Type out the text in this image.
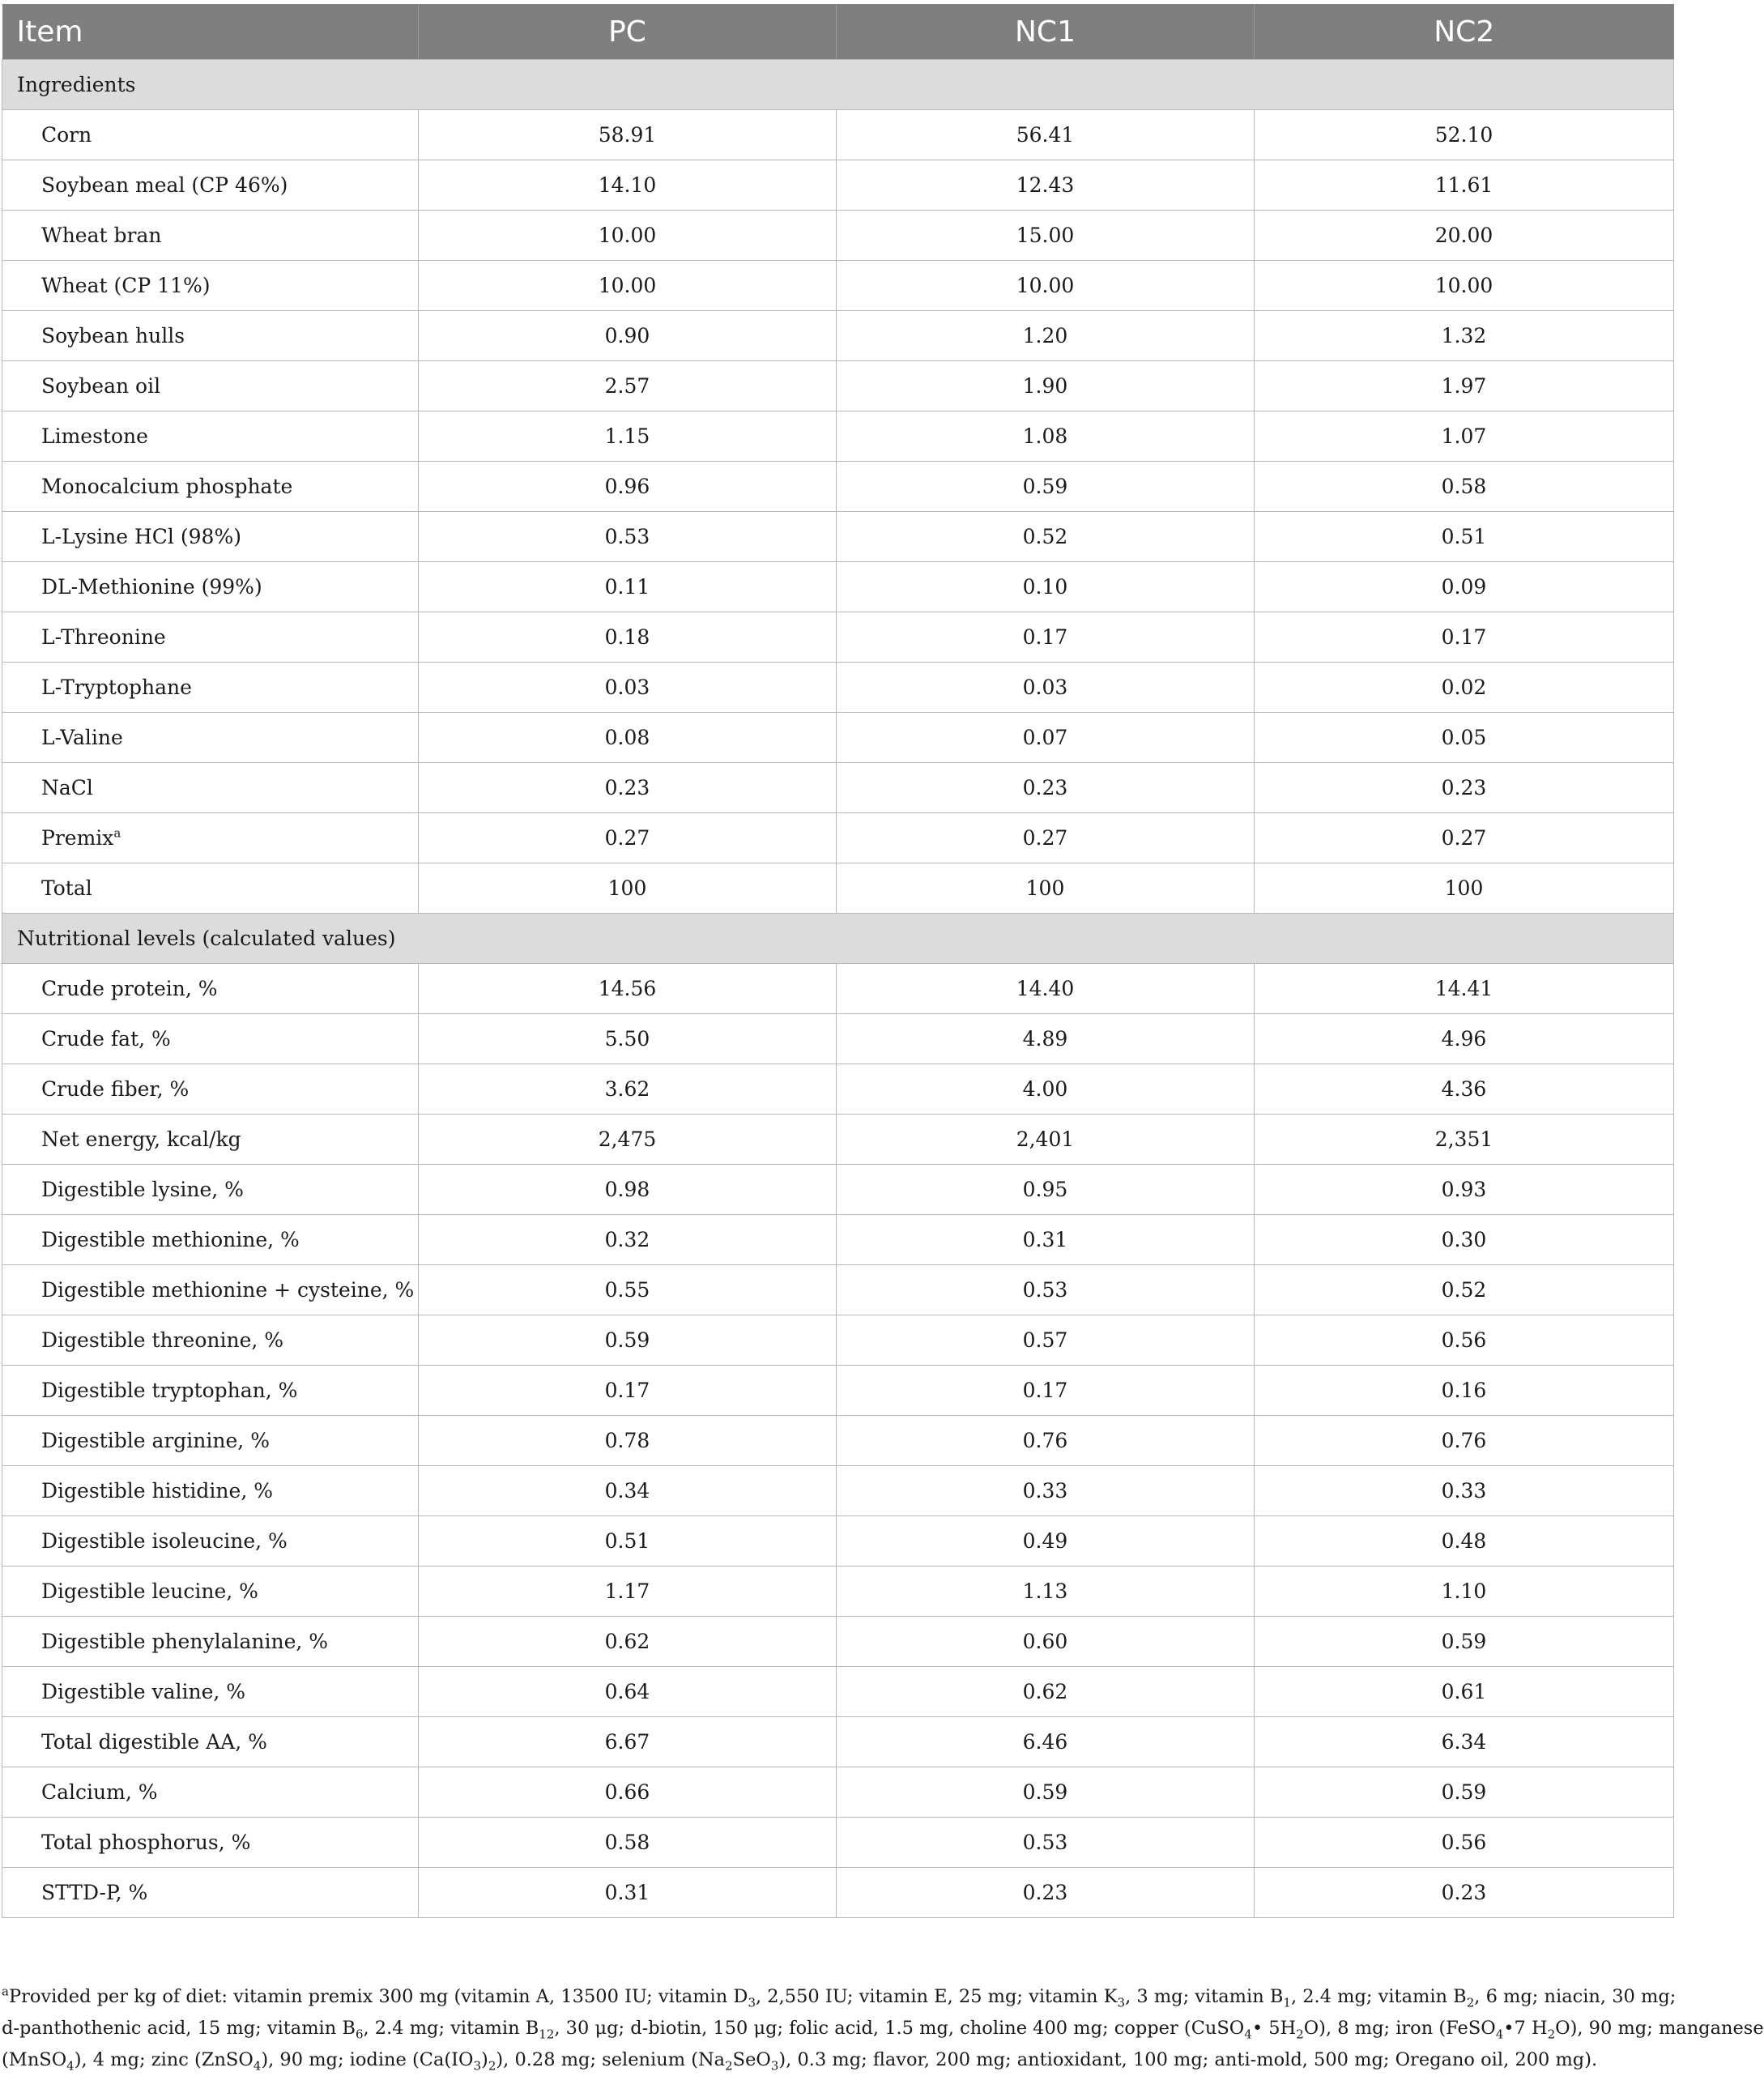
Item	PC	NC1	NC2
Ingredients			
Corn	58.91	56.41	52.10
Soybean meal (CP 46%)	14.10	12.43	11.61
Wheat bran	10.00	15.00	20.00
Wheat (CP 11%)	10.00	10.00	10.00
Soybean hulls	0.90	1.20	1.32
Soybean oil	2.57	1.90	1.97
Limestone	1.15	1.08	1.07
Monocalcium phosphate	0.96	0.59	0.58
L-Lysine HCl (98%)	0.53	0.52	0.51
DL-Methionine (99%)	0.11	0.10	0.09
L-Threonine	0.18	0.17	0.17
L-Tryptophane	0.03	0.03	0.02
L-Valine	0.08	0.07	0.05
NaCl	0.23	0.23	0.23
Premix$^a$	0.27	0.27	0.27
Total	100	100	100
Nutritional levels (calculated values)			
Crude protein, %	14.56	14.40	14.41
Crude fat, %	5.50	4.89	4.96
Crude fiber, %	3.62	4.00	4.36
Net energy, kcal/kg	2,475	2,401	2,351
Digestible lysine, %	0.98	0.95	0.93
Digestible methionine, %	0.32	0.31	0.30
Digestible methionine + cysteine, %	0.55	0.53	0.52
Digestible threonine, %	0.59	0.57	0.56
Digestible tryptophan, %	0.17	0.17	0.16
Digestible arginine, %	0.78	0.76	0.76
Digestible histidine, %	0.34	0.33	0.33
Digestible isoleucine, %	0.51	0.49	0.48
Digestible leucine, %	1.17	1.13	1.10
Digestible phenylalanine, %	0.62	0.60	0.59
Digestible valine, %	0.64	0.62	0.61
Total digestible AA, %	6.67	6.46	6.34
Calcium, %	0.66	0.59	0.59
Total phosphorus, %	0.58	0.53	0.56
STTD-P, %	0.31	0.23	0.23
$^a$Provided per kg of diet: vitamin premix 300 mg (vitamin A, 13500 IU; vitamin $D_3$, 2,550 IU; vitamin E, 25 mg; vitamin $K_3$, 3 mg; vitamin $B_1$, 2.4 mg; vitamin $B_2$, 6 mg; niacin, 30 mg;
d-panthothenic acid, 15 mg; vitamin $B_6$, 2.4 mg; vitamin $B_{12}$, 30 μg; d-biotin, 150 μg; folic acid, 1.5 mg, choline 400 mg; copper (CuSO$_4$• $5H_2O$), 8 mg; iron (FeSO$_4$•7 $H_2O$), 90 mg; manganese
(MnSO$_4$), 4 mg; zinc (ZnSO$_4$), 90 mg; iodine $(Ca(IO_3)_2)$, 0.28 mg; selenium $(Na_2SeO_3)$, 0.3 mg; flavor, 200 mg; antioxidant, 100 mg; anti-mold, 500 mg; Oregano oil, 200 mg).
